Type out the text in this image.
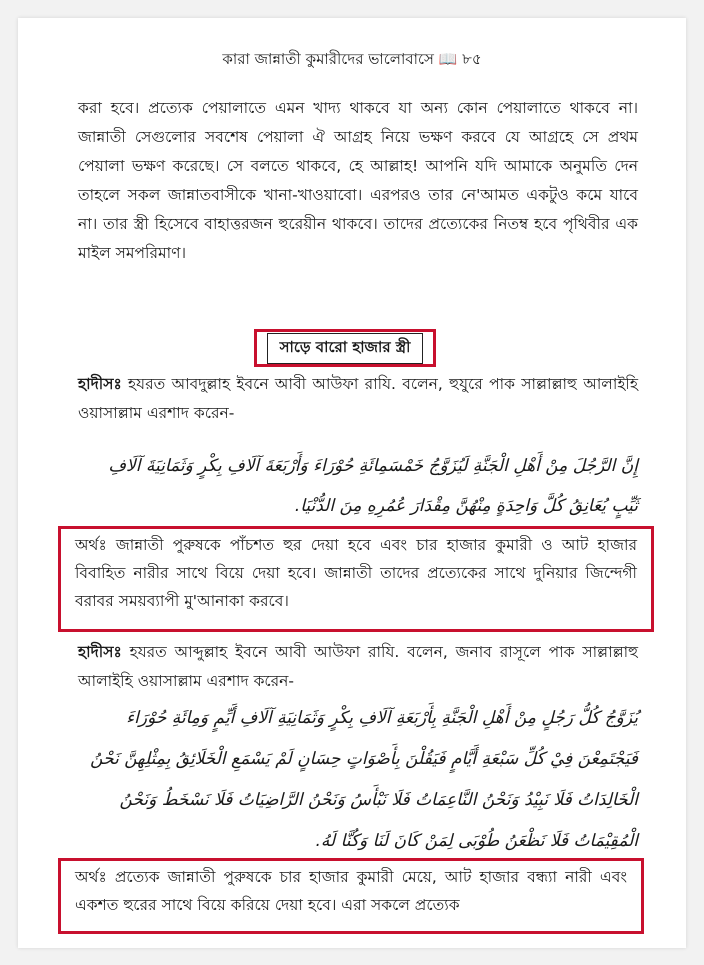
কারা জান্নাতী কুমারীদের ভালোবাসে 📖 ৮৫
করা হবে। প্রত্যেক পেয়ালাতে এমন খাদ্য থাকবে যা অন্য কোন পেয়ালাতে থাকবে না। জান্নাতী সেগুলোর সবশেষ পেয়ালা ঐ আগ্রহ নিয়ে ভক্ষণ করবে যে আগ্রহে সে প্রথম পেয়ালা ভক্ষণ করেছে। সে বলতে থাকবে, হে আল্লাহ! আপনি যদি আমাকে অনুমতি দেন তাহলে সকল জান্নাতবাসীকে খানা-খাওয়াবো। এরপরও তার নে'আমত একটুও কমে যাবে না। তার স্ত্রী হিসেবে বাহাত্তরজন হুরেয়ীন থাকবে। তাদের প্রত্যেকের নিতম্ব হবে পৃথিবীর এক মাইল সমপরিমাণ।
সাড়ে বারো হাজার স্ত্রী
হাদীসঃ হযরত আবদুল্লাহ ইবনে আবী আউফা রাযি. বলেন, হুযুরে পাক সাল্লাল্লাহু আলাইহি ওয়াসাল্লাম এরশাদ করেন-
إِنَّ الرَّجُلَ مِنْ أَهْلِ الْجَنَّةِ لَيُزَوَّجُ خَمْسَمِائَةِ حُوْرَاءَ وَأَرْبَعَةَ آلَافِ بِكْرٍ وَثَمَانِيَةَ آلَافِ ثَيِّبٍ يُعَانِقُ كُلَّ وَاحِدَةٍ مِنْهُنَّ مِقْدَارَ عُمُرِهِ مِنَ الدُّنْيَا.
অর্থঃ জান্নাতী পুরুষকে পাঁচশত হুর দেয়া হবে এবং চার হাজার কুমারী ও আট হাজার বিবাহিত নারীর সাথে বিয়ে দেয়া হবে। জান্নাতী তাদের প্রত্যেকের সাথে দুনিয়ার জিন্দেগী বরাবর সময়ব্যাপী মু'আনাকা করবে।
হাদীসঃ হযরত আব্দুল্লাহ ইবনে আবী আউফা রাযি. বলেন, জনাব রাসূলে পাক সাল্লাল্লাহু আলাইহি ওয়াসাল্লাম এরশাদ করেন-
يُزَوَّجُ كُلُّ رَجُلٍ مِنْ أَهْلِ الْجَنَّةِ بِأَرْبَعَةِ آلَافِ بِكْرٍ وَثَمَانِيَةِ آلَافِ أَيِّمٍ وَمِائَةِ حُوْرَاءَ فَيَجْتَمِعْنَ فِيْ كُلِّ سَبْعَةِ أَيَّامٍ فَيَقُلْنَ بِأَصْوَاتٍ حِسَانٍ لَمْ يَسْمَعِ الْخَلَائِقُ بِمِثْلِهِنَّ نَحْنُ الْخَالِدَاتُ فَلَا نَبِيْدُ وَنَحْنُ النَّاعِمَاتُ فَلَا نَبْأَسُ وَنَحْنُ الرَّاضِيَاتُ فَلَا نَسْخَطُ وَنَحْنُ الْمُقِيْمَاتُ فَلَا نَظْعَنُ طُوْبَى لِمَنْ كَانَ لَنَا وَكُنَّا لَهُ.
অর্থঃ প্রত্যেক জান্নাতী পুরুষকে চার হাজার কুমারী মেয়ে, আট হাজার বন্ধ্যা নারী এবং একশত হুরের সাথে বিয়ে করিয়ে দেয়া হবে। এরা সকলে প্রত্যেক
